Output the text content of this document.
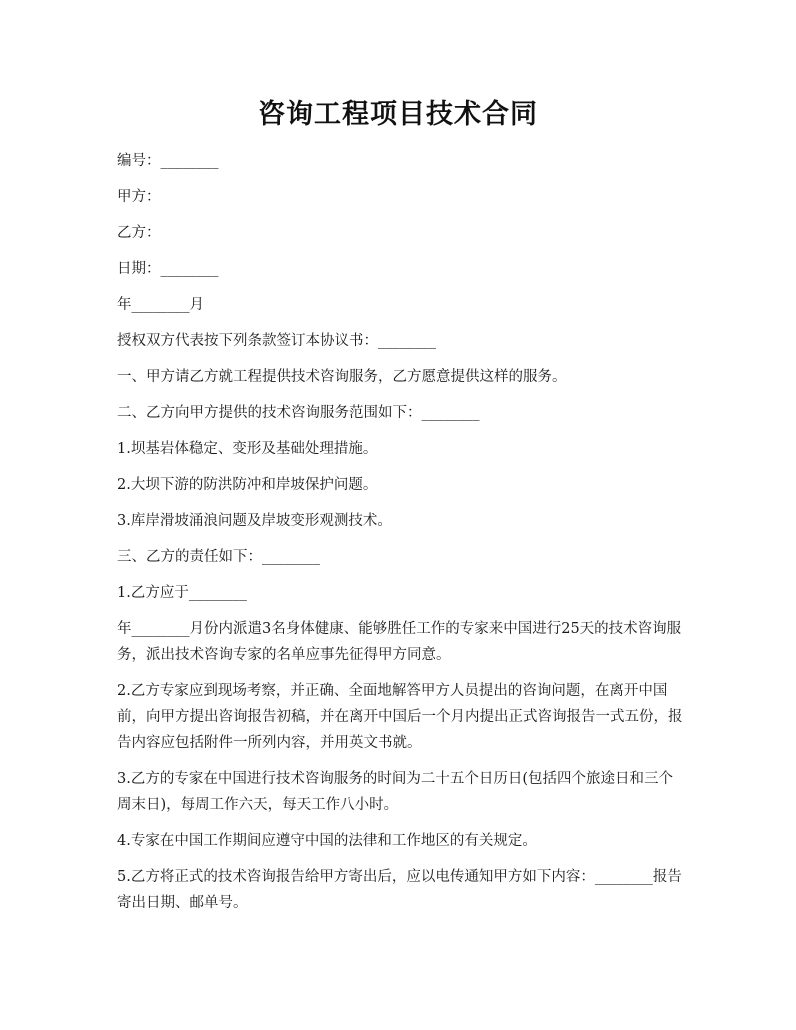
咨询工程项目技术合同

编号：________

甲方：

乙方：

日期：________

年________月

授权双方代表按下列条款签订本协议书：________

一、甲方请乙方就工程提供技术咨询服务，乙方愿意提供这样的服务。

二、乙方向甲方提供的技术咨询服务范围如下：________

1.坝基岩体稳定、变形及基础处理措施。

2.大坝下游的防洪防冲和岸坡保护问题。

3.库岸滑坡涌浪问题及岸坡变形观测技术。

三、乙方的责任如下：________

1.乙方应于________

年________月份内派遣3名身体健康、能够胜任工作的专家来中国进行25天的技术咨询服务，派出技术咨询专家的名单应事先征得甲方同意。

2.乙方专家应到现场考察，并正确、全面地解答甲方人员提出的咨询问题，在离开中国前，向甲方提出咨询报告初稿，并在离开中国后一个月内提出正式咨询报告一式五份，报告内容应包括附件一所列内容，并用英文书就。

3.乙方的专家在中国进行技术咨询服务的时间为二十五个日历日(包括四个旅途日和三个周末日)，每周工作六天，每天工作八小时。

4.专家在中国工作期间应遵守中国的法律和工作地区的有关规定。

5.乙方将正式的技术咨询报告给甲方寄出后，应以电传通知甲方如下内容：________报告寄出日期、邮单号。
